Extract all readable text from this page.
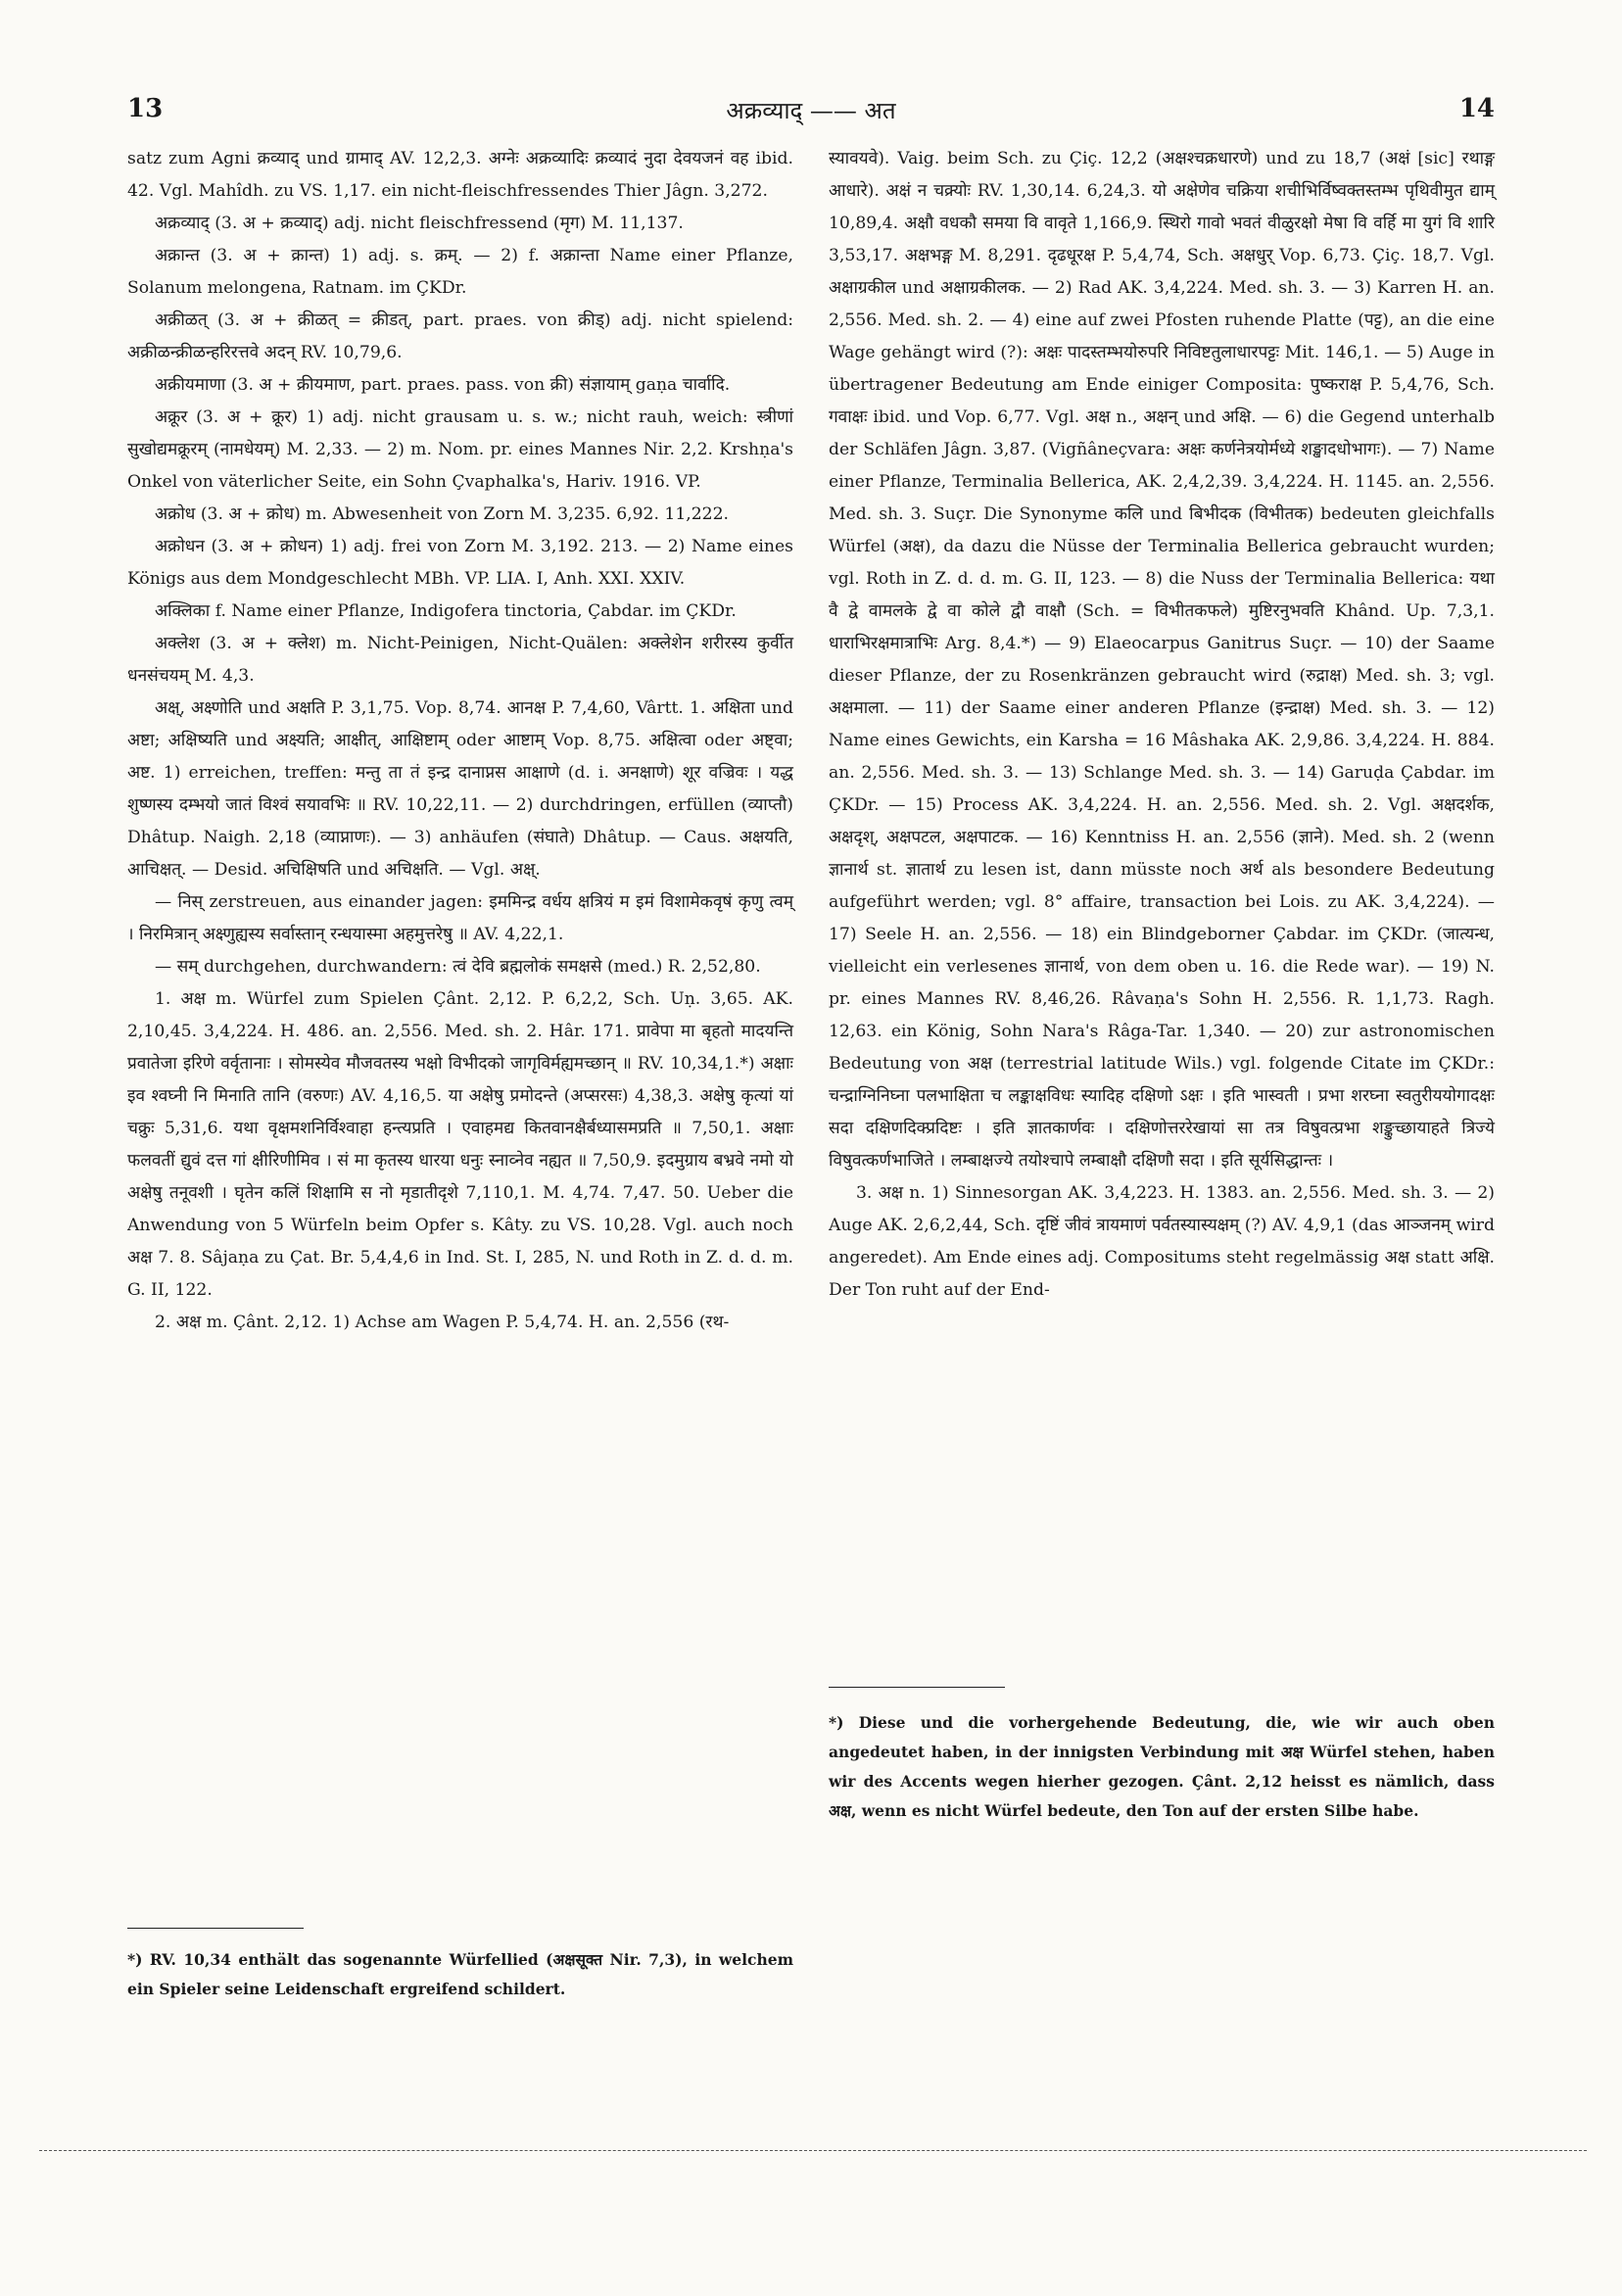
13	अक्रव्याद् —— अत	14

satz zum Agni क्रव्याद् und ग्रामाद् AV. 12,2,3. अग्नेः अक्रव्यादिः क्रव्यादं नुदा देवयजनं वह ibid. 42. Vgl. Mahîdh. zu VS. 1,17. ein nicht-fleischfressendes Thier Jâgn. 3,272.

अक्रव्याद् (3. अ + क्रव्याद्) adj. nicht fleischfressend (मृग) M. 11,137.

अक्रान्त (3. अ + क्रान्त) 1) adj. s. क्रम्. — 2) f. अक्रान्ता Name einer Pflanze, Solanum melongena, Ratnam. im ÇKDr.

अक्रीळत् (3. अ + क्रीळत् = क्रीडत्, part. praes. von क्रीड्) adj. nicht spielend: अक्रीळन्क्रीळन्हरिरत्तवे अदन् RV. 10,79,6.

अक्रीयमाणा (3. अ + क्रीयमाण, part. praes. pass. von क्री) संज्ञायाम् gaṇa चार्वादि.

अक्रूर (3. अ + क्रूर) 1) adj. nicht grausam u. s. w.; nicht rauh, weich: स्त्रीणां सुखोद्यमक्रूरम् (नामधेयम्) M. 2,33. — 2) m. Nom. pr. eines Mannes Nir. 2,2. Krshṇa's Onkel von väterlicher Seite, ein Sohn Çvaphalka's, Hariv. 1916. VP.

अक्रोध (3. अ + क्रोध) m. Abwesenheit von Zorn M. 3,235. 6,92. 11,222.

अक्रोधन (3. अ + क्रोधन) 1) adj. frei von Zorn M. 3,192. 213. — 2) Name eines Königs aus dem Mondgeschlecht MBh. VP. LIA. I, Anh. XXI. XXIV.

अक्लिका f. Name einer Pflanze, Indigofera tinctoria, Çabdar. im ÇKDr.

अक्लेश (3. अ + क्लेश) m. Nicht-Peinigen, Nicht-Quälen: अक्लेशेन शरीरस्य कुर्वीत धनसंचयम् M. 4,3.

अक्ष्, अक्ष्णोति und अक्षति P. 3,1,75. Vop. 8,74. आनक्ष P. 7,4,60, Vârtt. 1. अक्षिता und अष्टा; अक्षिष्यति und अक्ष्यति; आक्षीत्, आक्षिष्टाम् oder आष्टाम् Vop. 8,75. अक्षित्वा oder अष्ट्वा; अष्ट. 1) erreichen, treffen: मन्तु ता तं इन्द्र दानाप्नस आक्षाणे (d. i. अनक्षाणे) शूर वज्रिवः । यद्ध शुष्णस्य दम्भयो जातं विश्वं सयावभिः ॥ RV. 10,22,11. — 2) durchdringen, erfüllen (व्याप्तौ) Dhâtup. Naigh. 2,18 (व्याप्नाणः). — 3) anhäufen (संघाते) Dhâtup. — Caus. अक्षयति, आचिक्षत्. — Desid. अचिक्षिषति und अचिक्षति. — Vgl. अक्ष्.

— निस् zerstreuen, aus einander jagen: इममिन्द्र वर्धय क्षत्रियं म इमं विशामेकवृषं कृणु त्वम् । निरमित्रान् अक्ष्णुह्यस्य सर्वास्तान् रन्धयास्मा अहमुत्तरेषु ॥ AV. 4,22,1.

— सम् durchgehen, durchwandern: त्वं देवि ब्रह्मलोकं समक्षसे (med.) R. 2,52,80.

1. अक्ष m. Würfel zum Spielen Çânt. 2,12. P. 6,2,2, Sch. Uṇ. 3,65. AK. 2,10,45. 3,4,224. H. 486. an. 2,556. Med. sh. 2. Hâr. 171. प्रावेपा मा बृहतो मादयन्ति प्रवातेजा इरिणे वर्वृतानाः । सोमस्येव मौजवतस्य भक्षो विभीदको जागृविर्मह्यमच्छान् ॥ RV. 10,34,1.*) अक्षाः इव श्वघ्नी नि मिनाति तानि (वरुणः) AV. 4,16,5. या अक्षेषु प्रमोदन्ते (अप्सरसः) 4,38,3. अक्षेषु कृत्यां यां चक्रुः 5,31,6. यथा वृक्षमशनिर्विश्वाहा हन्त्यप्रति । एवाहमद्य कितवानक्षैर्बध्यासमप्रति ॥ 7,50,1. अक्षाः फलवतीं द्युवं दत्त गां क्षीरिणीमिव । सं मा कृतस्य धारया धनुः स्नाव्नेव नह्यत ॥ 7,50,9. इदमुग्राय बभ्रवे नमो यो अक्षेषु तनूवशी । घृतेन कलिं शिक्षामि स नो मृडातीदृशे 7,110,1. M. 4,74. 7,47. 50. Ueber die Anwendung von 5 Würfeln beim Opfer s. Kâty. zu VS. 10,28. Vgl. auch noch अक्ष 7. 8. Sâjaṇa zu Çat. Br. 5,4,4,6 in Ind. St. I, 285, N. und Roth in Z. d. d. m. G. II, 122.

2. अक्ष m. Çânt. 2,12. 1) Achse am Wagen P. 5,4,74. H. an. 2,556 (रथ-

*) RV. 10,34 enthält das sogenannte Würfellied (अक्षसूक्त Nir. 7,3), in welchem ein Spieler seine Leidenschaft ergreifend schildert.

स्यावयवे). Vaig. beim Sch. zu Çiç. 12,2 (अक्षश्चक्रधारणे) und zu 18,7 (अक्षं [sic] रथाङ्ग आधारे). अक्षं न चक्र्योः RV. 1,30,14. 6,24,3. यो अक्षेणेव चक्रिया शचीभिर्विष्वक्तस्तम्भ पृथिवीमुत द्याम् 10,89,4. अक्षौ वधकौ समया वि वावृते 1,166,9. स्थिरो गावो भवतं वीळुरक्षो मेषा वि वर्हि मा युगं वि शारि 3,53,17. अक्षभङ्ग M. 8,291. दृढधूरक्ष P. 5,4,74, Sch. अक्षधुर् Vop. 6,73. Çiç. 18,7. Vgl. अक्षाग्रकील und अक्षाग्रकीलक. — 2) Rad AK. 3,4,224. Med. sh. 3. — 3) Karren H. an. 2,556. Med. sh. 2. — 4) eine auf zwei Pfosten ruhende Platte (पट्ट), an die eine Wage gehängt wird (?): अक्षः पादस्तम्भयोरुपरि निविष्टतुलाधारपट्टः Mit. 146,1. — 5) Auge in übertragener Bedeutung am Ende einiger Composita: पुष्कराक्ष P. 5,4,76, Sch. गवाक्षः ibid. und Vop. 6,77. Vgl. अक्ष n., अक्षन् und अक्षि. — 6) die Gegend unterhalb der Schläfen Jâgn. 3,87. (Vigñâneçvara: अक्षः कर्णनेत्रयोर्मध्ये शङ्खादधोभागः). — 7) Name einer Pflanze, Terminalia Bellerica, AK. 2,4,2,39. 3,4,224. H. 1145. an. 2,556. Med. sh. 3. Suçr. Die Synonyme कलि und बिभीदक (विभीतक) bedeuten gleichfalls Würfel (अक्ष), da dazu die Nüsse der Terminalia Bellerica gebraucht wurden; vgl. Roth in Z. d. d. m. G. II, 123. — 8) die Nuss der Terminalia Bellerica: यथा वै द्वे वामलके द्वे वा कोले द्वौ वाक्षौ (Sch. = विभीतकफले) मुष्टिरनुभवति Khând. Up. 7,3,1. धाराभिरक्षमात्राभिः Arg. 8,4.*) — 9) Elaeocarpus Ganitrus Suçr. — 10) der Saame dieser Pflanze, der zu Rosenkränzen gebraucht wird (रुद्राक्ष) Med. sh. 3; vgl. अक्षमाला. — 11) der Saame einer anderen Pflanze (इन्द्राक्ष) Med. sh. 3. — 12) Name eines Gewichts, ein Karsha = 16 Mâshaka AK. 2,9,86. 3,4,224. H. 884. an. 2,556. Med. sh. 3. — 13) Schlange Med. sh. 3. — 14) Garuḍa Çabdar. im ÇKDr. — 15) Process AK. 3,4,224. H. an. 2,556. Med. sh. 2. Vgl. अक्षदर्शक, अक्षदृश्, अक्षपटल, अक्षपाटक. — 16) Kenntniss H. an. 2,556 (ज्ञाने). Med. sh. 2 (wenn ज्ञानार्थ st. ज्ञातार्थ zu lesen ist, dann müsste noch अर्थ als besondere Bedeutung aufgeführt werden; vgl. 8° affaire, transaction bei Lois. zu AK. 3,4,224). — 17) Seele H. an. 2,556. — 18) ein Blindgeborner Çabdar. im ÇKDr. (जात्यन्ध, vielleicht ein verlesenes ज्ञानार्थ, von dem oben u. 16. die Rede war). — 19) N. pr. eines Mannes RV. 8,46,26. Râvaṇa's Sohn H. 2,556. R. 1,1,73. Ragh. 12,63. ein König, Sohn Nara's Râga-Tar. 1,340. — 20) zur astronomischen Bedeutung von अक्ष (terrestrial latitude Wils.) vgl. folgende Citate im ÇKDr.: चन्द्राग्निनिघ्ना पलभाक्षिता च लङ्काक्षविधः स्यादिह दक्षिणो ऽक्षः । इति भास्वती । प्रभा शरघ्ना स्वतुरीययोगादक्षः सदा दक्षिणदिक्प्रदिष्टः । इति ज्ञातकार्णवः । दक्षिणोत्तररेखायां सा तत्र विषुवत्प्रभा शङ्कुच्छायाहते त्रिज्ये विषुवत्कर्णभाजिते । लम्बाक्षज्ये तयोश्चापे लम्बाक्षौ दक्षिणौ सदा । इति सूर्यसिद्धान्तः ।

3. अक्ष n. 1) Sinnesorgan AK. 3,4,223. H. 1383. an. 2,556. Med. sh. 3. — 2) Auge AK. 2,6,2,44, Sch. दृष्टिं जीवं त्रायमाणं पर्वतस्यास्यक्षम् (?) AV. 4,9,1 (das आञ्जनम् wird angeredet). Am Ende eines adj. Compositums steht regelmässig अक्ष statt अक्षि. Der Ton ruht auf der End-

*) Diese und die vorhergehende Bedeutung, die, wie wir auch oben angedeutet haben, in der innigsten Verbindung mit अक्ष Würfel stehen, haben wir des Accents wegen hierher gezogen. Çânt. 2,12 heisst es nämlich, dass अक्ष, wenn es nicht Würfel bedeute, den Ton auf der ersten Silbe habe.
